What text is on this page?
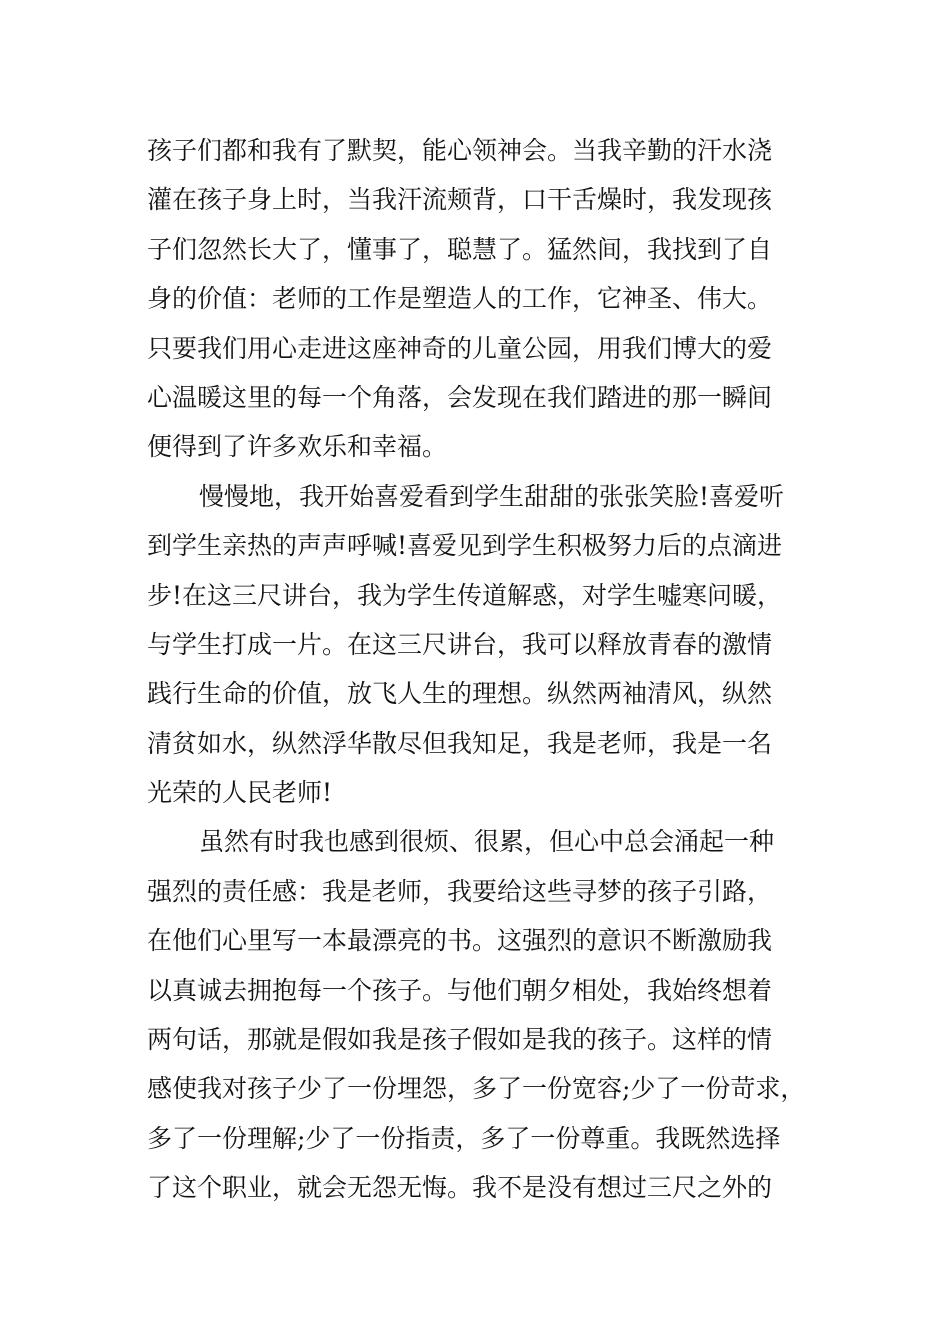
孩子们都和我有了默契，能心领神会。当我辛勤的汗水浇
灌在孩子身上时，当我汗流颊背，口干舌燥时，我发现孩
子们忽然长大了，懂事了，聪慧了。猛然间，我找到了自
身的价值：老师的工作是塑造人的工作，它神圣、伟大。
只要我们用心走进这座神奇的儿童公园，用我们博大的爱
心温暖这里的每一个角落，会发现在我们踏进的那一瞬间
便得到了许多欢乐和幸福。
慢慢地，我开始喜爱看到学生甜甜的张张笑脸!喜爱听
到学生亲热的声声呼喊!喜爱见到学生积极努力后的点滴进
步!在这三尺讲台，我为学生传道解惑，对学生嘘寒问暖，
与学生打成一片。在这三尺讲台，我可以释放青春的激情
践行生命的价值，放飞人生的理想。纵然两袖清风，纵然
清贫如水，纵然浮华散尽但我知足，我是老师，我是一名
光荣的人民老师!
虽然有时我也感到很烦、很累，但心中总会涌起一种
强烈的责任感：我是老师，我要给这些寻梦的孩子引路，
在他们心里写一本最漂亮的书。这强烈的意识不断激励我
以真诚去拥抱每一个孩子。与他们朝夕相处，我始终想着
两句话，那就是假如我是孩子假如是我的孩子。这样的情
感使我对孩子少了一份埋怨，多了一份宽容;少了一份苛求，
多了一份理解;少了一份指责，多了一份尊重。我既然选择
了这个职业，就会无怨无悔。我不是没有想过三尺之外的
